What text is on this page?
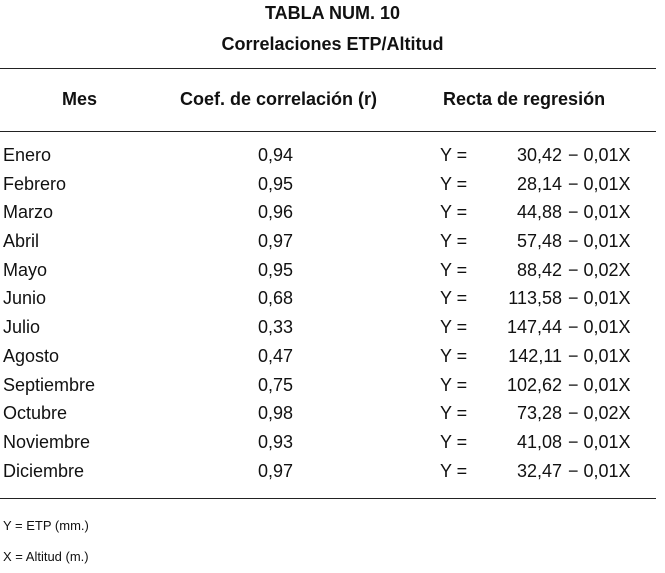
TABLA NUM. 10
Correlaciones ETP/Altitud
Mes	Coef. de correlación (r)	Recta de regresión
Enero	0,94	Y =	30,42 − 0,01X
Febrero	0,95	Y =	28,14 − 0,01X
Marzo	0,96	Y =	44,88 − 0,01X
Abril	0,97	Y =	57,48 − 0,01X
Mayo	0,95	Y =	88,42 − 0,02X
Junio	0,68	Y = 113,58 − 0,01X
Julio	0,33	Y = 147,44 − 0,01X
Agosto	0,47	Y = 142,11 − 0,01X
Septiembre	0,75	Y = 102,62 − 0,01X
Octubre	0,98	Y =	73,28 − 0,02X
Noviembre	0,93	Y =	41,08 − 0,01X
Diciembre	0,97	Y =	32,47 − 0,01X
Y = ETP (mm.)
X = Altitud (m.)
